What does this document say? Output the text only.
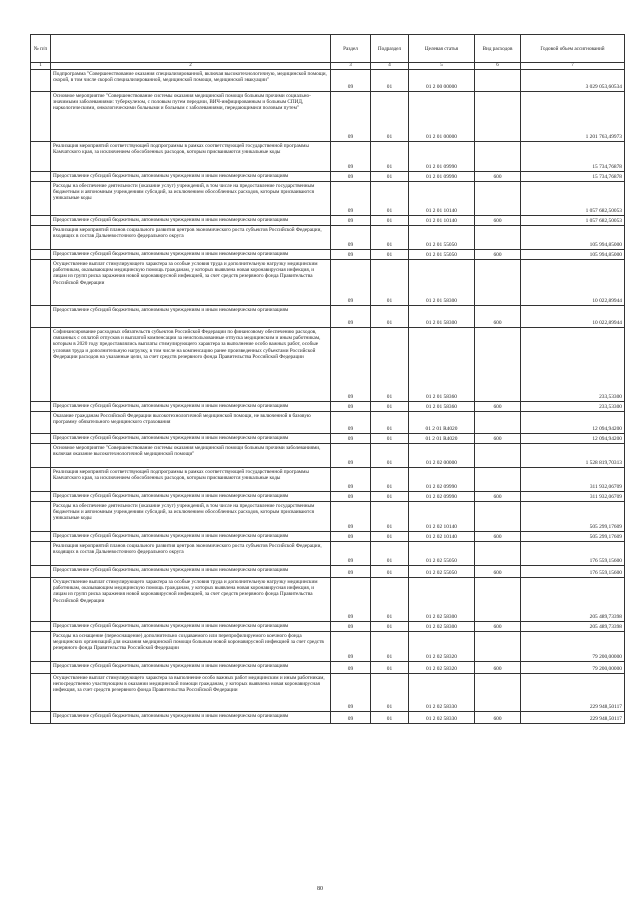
№ п/п		Раздел	Подраздел	Целевая статья	Вид расходов	Годовой объем ассигнований
1	2	3	4	5	6	7
	Подпрограмма "Совершенствование оказания специализированной, включая высокотехнологичную, медицинской помощи, скорой, в том числе скорой специализированной, медицинской помощи, медицинской эвакуации"	09	01	01 2 00 00000		3 029 053,60534
	Основное мероприятие "Совершенствование системы оказания медицинской помощи больным прочими социально-значимыми заболеваниями: туберкулезом, с половым путем передачи, ВИЧ-инфицированным и больным СПИД, наркологическими, онкологическими больными и больным с заболеваниями, передающимися половым путем"	09	01	01 2 01 00000		1 201 763,49973
	Реализация мероприятий соответствующей подпрограммы в рамках соответствующей государственной программы Камчатского края, за исключением обособленных расходов, которым присваиваются уникальные коды	09	01	01 2 01 09990		15 734,76878
	Предоставление субсидий бюджетным, автономным учреждениям и иным некоммерческим организациям	09	01	01 2 01 09990	600	15 734,76878
	Расходы на обеспечение деятельности (оказание услуг) учреждений, в том числе на предоставление государственным бюджетным и автономным учреждениям субсидий, за исключением обособленных расходов, которым присваиваются уникальные коды	09	01	01 2 01 10140		1 057 682,50053
	Предоставление субсидий бюджетным, автономным учреждениям и иным некоммерческим организациям	09	01	01 2 01 10140	600	1 057 682,50053
	Реализация мероприятий планов социального развития центров экономического роста субъектов Российской Федерации, входящих в состав Дальневосточного федерального округа	09	01	01 2 01 55050		105 994,85000
	Предоставление субсидий бюджетным, автономным учреждениям и иным некоммерческим организациям	09	01	01 2 01 55050	600	105 994,85000
	Осуществление выплат стимулирующего характера за особые условия труда и дополнительную нагрузку медицинским работникам, оказывающим медицинскую помощь гражданам, у которых выявлена новая коронавирусная инфекция, и лицам из групп риска заражения новой коронавирусной инфекцией, за счет средств резервного фонда Правительства Российской Федерации	09	01	01 2 01 58300		10 022,89944
	Предоставление субсидий бюджетным, автономным учреждениям и иным некоммерческим организациям	09	01	01 2 01 58300	600	10 022,89944
	Софинансирование расходных обязательств субъектов Российской Федерации по финансовому обеспечению расходов, связанных с оплатой отпусков и выплатой компенсации за неиспользованные отпуска медицинским и иным работникам, которым в 2020 году предоставлялись выплаты стимулирующего характера за выполнение особо важных работ, особые условия труда и дополнительную нагрузку, в том числе на компенсацию ранее произведенных субъектами Российской Федерации расходов на указанные цели, за счет средств резервного фонда Правительства Российской Федерации	09	01	01 2 01 58360		233,53300
	Предоставление субсидий бюджетным, автономным учреждениям и иным некоммерческим организациям	09	01	01 2 01 58360	600	233,53300
	Оказание гражданам Российской Федерации высокотехнологичной медицинской помощи, не включенной в базовую программу обязательного медицинского страхования	09	01	01 2 01 R4020		12 094,94200
	Предоставление субсидий бюджетным, автономным учреждениям и иным некоммерческим организациям	09	01	01 2 01 R4020	600	12 094,94200
	Основное мероприятие "Совершенствование системы оказания медицинской помощи больным прочими заболеваниями, включая оказание высокотехнологичной медицинской помощи"	09	01	01 2 02 00000		1 528 819,70313
	Реализация мероприятий соответствующей подпрограммы в рамках соответствующей государственной программы Камчатского края, за исключением обособленных расходов, которым присваиваются уникальные коды	09	01	01 2 02 09990		311 932,06709
	Предоставление субсидий бюджетным, автономным учреждениям и иным некоммерческим организациям	09	01	01 2 02 09990	600	311 932,06709
	Расходы на обеспечение деятельности (оказание услуг) учреждений, в том числе на предоставление государственным бюджетным и автономным учреждениям субсидий, за исключением обособленных расходов, которым присваиваются уникальные коды	09	01	01 2 02 10140		505 299,17609
	Предоставление субсидий бюджетным, автономным учреждениям и иным некоммерческим организациям	09	01	01 2 02 10140	600	505 299,17609
	Реализация мероприятий планов социального развития центров экономического роста субъектов Российской Федерации, входящих в состав Дальневосточного федерального округа	09	01	01 2 02 55050		176 559,15600
	Предоставление субсидий бюджетным, автономным учреждениям и иным некоммерческим организациям	09	01	01 2 02 55050	600	176 559,15600
	Осуществление выплат стимулирующего характера за особые условия труда и дополнительную нагрузку медицинским работникам, оказывающим медицинскую помощь гражданам, у которых выявлена новая коронавирусная инфекция, и лицам из групп риска заражения новой коронавирусной инфекцией, за счет средств резервного фонда Правительства Российской Федерации	09	01	01 2 02 58300		205 489,73398
	Предоставление субсидий бюджетным, автономным учреждениям и иным некоммерческим организациям	09	01	01 2 02 58300	600	205 489,73398
	Расходы на оснащение (переоснащение) дополнительно создаваемого или перепрофилируемого коечного фонда медицинских организаций для оказания медицинской помощи больным новой коронавирусной инфекцией за счет средств резервного фонда Правительства Российской Федерации	09	01	01 2 02 58320		79 200,00000
	Предоставление субсидий бюджетным, автономным учреждениям и иным некоммерческим организациям	09	01	01 2 02 58320	600	79 200,00000
	Осуществление выплат стимулирующего характера за выполнение особо важных работ медицинским и иным работникам, непосредственно участвующим в оказании медицинской помощи гражданам, у которых выявлена новая коронавирусная инфекция, за счет средств резервного фонда Правительства Российской Федерации	09	01	01 2 02 58330		229 948,50117
	Предоставление субсидий бюджетным, автономным учреждениям и иным некоммерческим организациям	09	01	01 2 02 58330	600	229 948,50117
80
